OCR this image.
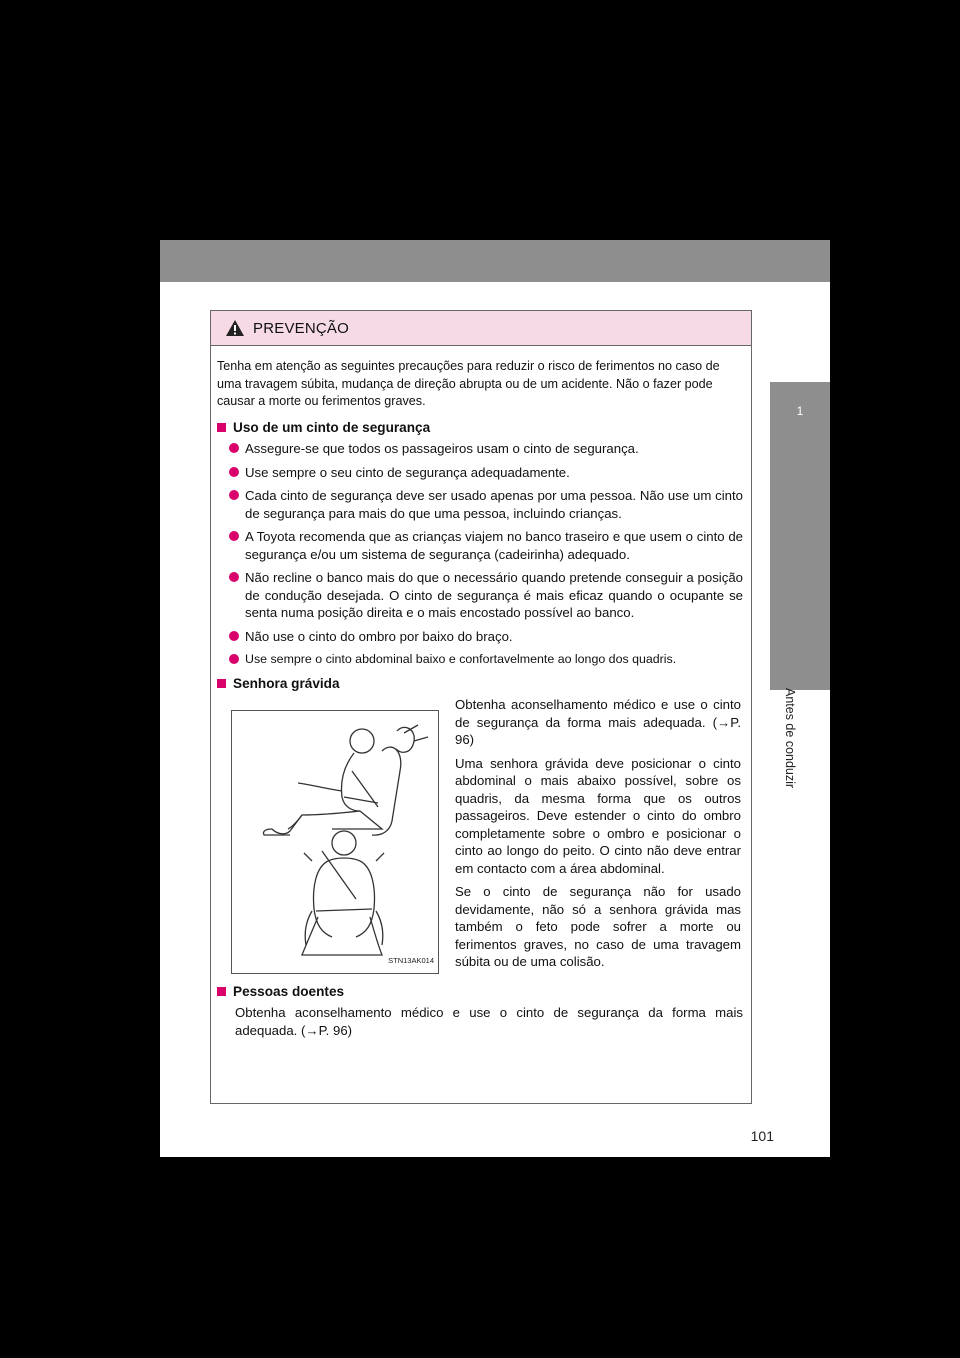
1
Antes de conduzir
PREVENÇÃO
Tenha em atenção as seguintes precauções para reduzir o risco de ferimentos no caso de uma travagem súbita, mudança de direção abrupta ou de um acidente. Não o fazer pode causar a morte ou ferimentos graves.
Uso de um cinto de segurança
Assegure-se que todos os passageiros usam o cinto de segurança.
Use sempre o seu cinto de segurança adequadamente.
Cada cinto de segurança deve ser usado apenas por uma pessoa. Não use um cinto de segurança para mais do que uma pessoa, incluindo crianças.
A Toyota recomenda que as crianças viajem no banco traseiro e que usem o cinto de segurança e/ou um sistema de segurança (cadeirinha) adequado.
Não recline o banco mais do que o necessário quando pretende conseguir a posição de condução desejada. O cinto de segurança é mais eficaz quando o ocupante se senta numa posição direita e o mais encostado possível ao banco.
Não use o cinto do ombro por baixo do braço.
Use sempre o cinto abdominal baixo e confortavelmente ao longo dos quadris.
Senhora grávida
STN13AK014

Obtenha aconselhamento médico e use o cinto de segurança da forma mais adequada. (→P. 96)

Uma senhora grávida deve posicionar o cinto abdominal o mais abaixo possível, sobre os quadris, da mesma forma que os outros passageiros. Deve estender o cinto do ombro completamente sobre o ombro e posicionar o cinto ao longo do peito. O cinto não deve entrar em contacto com a área abdominal.

Se o cinto de segurança não for usado devidamente, não só a senhora grávida mas também o feto pode sofrer a morte ou ferimentos graves, no caso de uma travagem súbita ou de uma colisão.

Pessoas doentes
Obtenha aconselhamento médico e use o cinto de segurança da forma mais adequada. (→P. 96)
101
